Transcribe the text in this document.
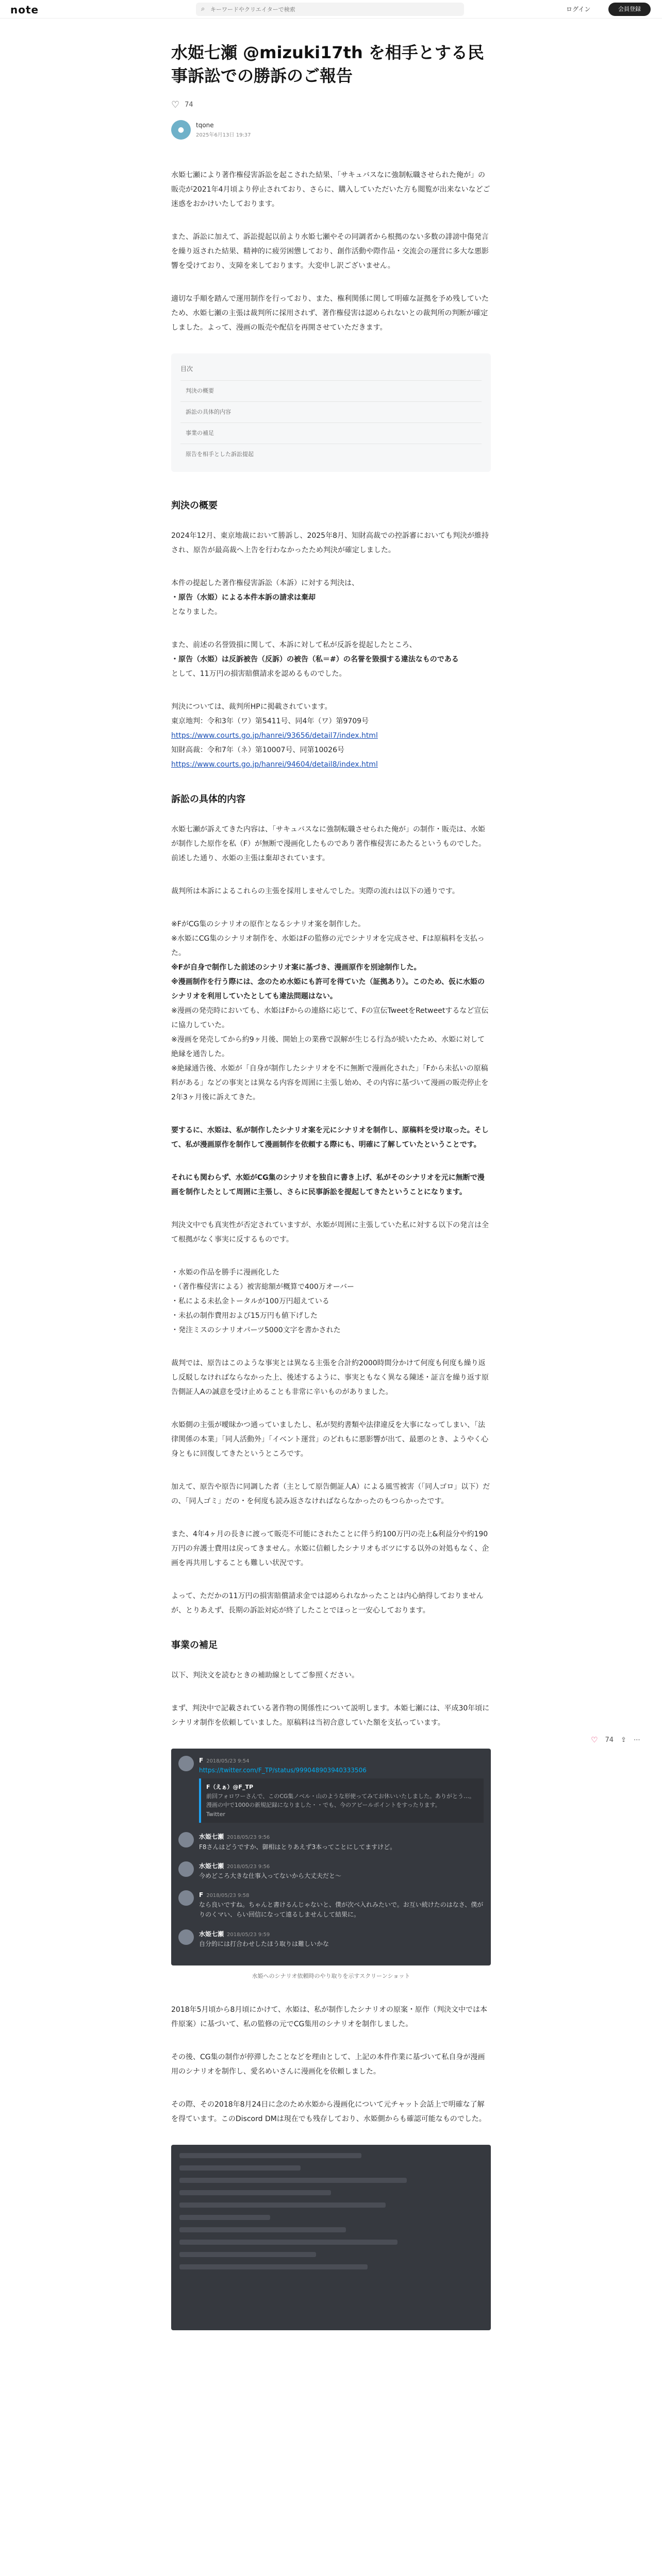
note	⌕
キーワードやクリエイターで検索	ログイン	会員登録
水姫七瀬 @mizuki17th を相手とする民事訴訟での勝訴のご報告
♡ 74
●
tqone
2025年6月13日 19:37

水姫七瀬により著作権侵害訴訟を起こされた結果、「サキュバスなに強制転職させられた俺が」の販売が2021年4月頃より停止されており、さらに、購入していただいた方も閲覧が出来ないなどご迷惑をおかけいたしております。

また、訴訟に加えて、訴訟提起以前より水姫七瀬やその同調者から根拠のない多数の誹謗中傷発言を繰り返された結果、精神的に疲労困憊しており、創作活動や際作品・交流会の運営に多大な悪影響を受けており、支障を来しております。大変申し訳ございません。

適切な手順を踏んで運用制作を行っており、また、権利関係に関して明確な証拠を予め残していたため、水姫七瀬の主張は裁判所に採用されず、著作権侵害は認められないとの裁判所の判断が確定しました。よって、漫画の販売や配信を再開させていただきます。

目次
判決の概要
訴訟の具体的内容
事業の補足
原告を相手とした訴訟提起
判決の概要

2024年12月、東京地裁において勝訴し、2025年8月、知財高裁での控訴審においても判決が維持され、原告が最高裁へ上告を行わなかったため判決が確定しました。

本件の提起した著作権侵害訴訟（本訴）に対する判決は、
・原告（水姫）による本件本訴の請求は棄却
となりました。

また、前述の名誉毀損に関して、本訴に対して私が反訴を提起したところ、
・原告（水姫）は反訴被告（反訴）の被告（私＝#）の名誉を毀損する違法なものである
として、11万円の損害賠償請求を認めるものでした。

判決については、裁判所HPに掲載されています。
東京地判：令和3年（ワ）第5411号、同4年（ワ）第9709号
https://www.courts.go.jp/hanrei/93656/detail7/index.html
知財高裁：令和7年（ネ）第10007号、同第10026号
https://www.courts.go.jp/hanrei/94604/detail8/index.html

訴訟の具体的内容

水姫七瀬が訴えてきた内容は、「サキュバスなに強制転職させられた俺が」の制作・販売は、水姫が制作した原作を私（F）が無断で漫画化したものであり著作権侵害にあたるというものでした。前述した通り、水姫の主張は棄却されています。

裁判所は本訴によるこれらの主張を採用しませんでした。実際の流れは以下の通りです。

※FがCG集のシナリオの原作となるシナリオ案を制作した。
※水姫にCG集のシナリオ制作を、水姫はFの監修の元でシナリオを完成させ、Fは原稿料を支払った。
※Fが自身で制作した前述のシナリオ案に基づき、漫画原作を別途制作した。
※漫画制作を行う際には、念のため水姫にも許可を得ていた（証拠あり）。このため、仮に水姫のシナリオを利用していたとしても違法問題はない。
※漫画の発売時においても、水姫はFからの連絡に応じて、Fの宣伝TweetをRetweetするなど宣伝に協力していた。
※漫画を発売してから約9ヶ月後、開始上の業務で誤解が生じる行為が続いたため、水姫に対して絶縁を通告した。
※絶縁通告後、水姫が「自身が制作したシナリオを不に無断で漫画化された」「Fから未払いの原稿料がある」などの事実とは異なる内容を周囲に主張し始め、その内容に基づいて漫画の販売停止を2年3ヶ月後に訴えてきた。

要するに、水姫は、私が制作したシナリオ案を元にシナリオを制作し、原稿料を受け取った。そして、私が漫画原作を制作して漫画制作を依頼する際にも、明確に了解していたということです。

それにも関わらず、水姫がCG集のシナリオを独自に書き上げ、私がそのシナリオを元に無断で漫画を制作したとして周囲に主張し、さらに民事訴訟を提起してきたということになります。

判決文中でも真実性が否定されていますが、水姫が周囲に主張していた私に対する以下の発言は全て根拠がなく事実に反するものです。

・ 水姫の作品を勝手に漫画化した
・ （著作権侵害による）被害総額が概算で400万オーバー
・ 私による未払金トータルが100万円超えている
・ 未払の制作費用および15万円も値下げした
・ 発注ミスのシナリオパーツ5000文字を書かされた

裁判では、原告はこのような事実とは異なる主張を合計約2000時間分かけて何度も何度も繰り返し反駁しなければならなかった上、後述するように、事実ともなく異なる陳述・証言を繰り返す原告側証人Aの誠意を受け止めることも非常に辛いものがありました。

水姫側の主張が曖昧かつ通っていましたし、私が契約書類や法律違反を大事になってしまい、「法律関係の本業」「同人活動外」「イベント運営」のどれもに悪影響が出て、最悪のとき、ようやく心身ともに回復してきたというところです。

加えて、原告や原告に同調した者（主として原告側証人A）による風雪被害（「同人ゴロ」以下）だの、「同人ゴミ」だの・を何度も読み返さなければならなかったのもつらかったです。

また、4年4ヶ月の長きに渡って販売不可能にされたことに伴う約100万円の売上&利益分や約190万円の弁護士費用は戻ってきません。水姫に信頼したシナリオもボツにする以外の対処もなく、企画を再共用しすることも難しい状況です。

よって、ただかの11万円の損害賠償請求金では認められなかったことは内心納得しておりませんが、とりあえず、長期の訴訟対応が終了したことでほっと一安心しております。

事業の補足

以下、判決文を読むときの補助線としてご参照ください。

まず、判決中で記載されている著作物の関係性について説明します。本姫七瀬には、平成30年頃にシナリオ制作を依頼していました。原稿料は当初合意していた額を支払っています。

F 2018/05/23 9:54
https://twitter.com/F_TP/status/999048903940333506
F（えぁ）@F_TP
前回フォロワーさんで、このCG集ノベル・山のような形使ってみてお休いいたしました。ありがとう…。漫画の中で1000の新規記録になりました・・でも、今のアピールポイントをすったります。
Twitter
水姫七瀬 2018/05/23 9:56
F8さんはどうですか、御相はとりあえず3本ってことにしてますけど。
水姫七瀬 2018/05/23 9:56
今めどころ大きな仕事入ってないから大丈夫だと～
F 2018/05/23 9:58
なら良いですね。ちゃんと書けるんじゃないと、僕が次べ入れみたいで。お互い続けたのはなさ、僕がりのくマい、らい回信になって遠るしませんして結果に。
水姫七瀬 2018/05/23 9:59
自分的には打合わせしたほう取りは難しいかな
水姫へのシナリオ依頼時のやり取りを示すスクリーンショット

2018年5月頃から8月頃にかけて、水姫は、私が制作したシナリオの原案・原作（判決文中では本件原案）に基づいて、私の監修の元でCG集用のシナリオを制作しました。

その後、CG集の制作が停滞したことなどを理由として、上記の本件作業に基づいて私自身が漫画用のシナリオを制作し、愛名めいさんに漫画化を依頼しました。

その際、その2018年8月24日に念のため水姫から漫画化について元チャット会話上で明確な了解を得ています。このDiscord DMは現在でも残存しており、水姫側からも確認可能なものでした。

♡ 74 ⇪ ⋯
